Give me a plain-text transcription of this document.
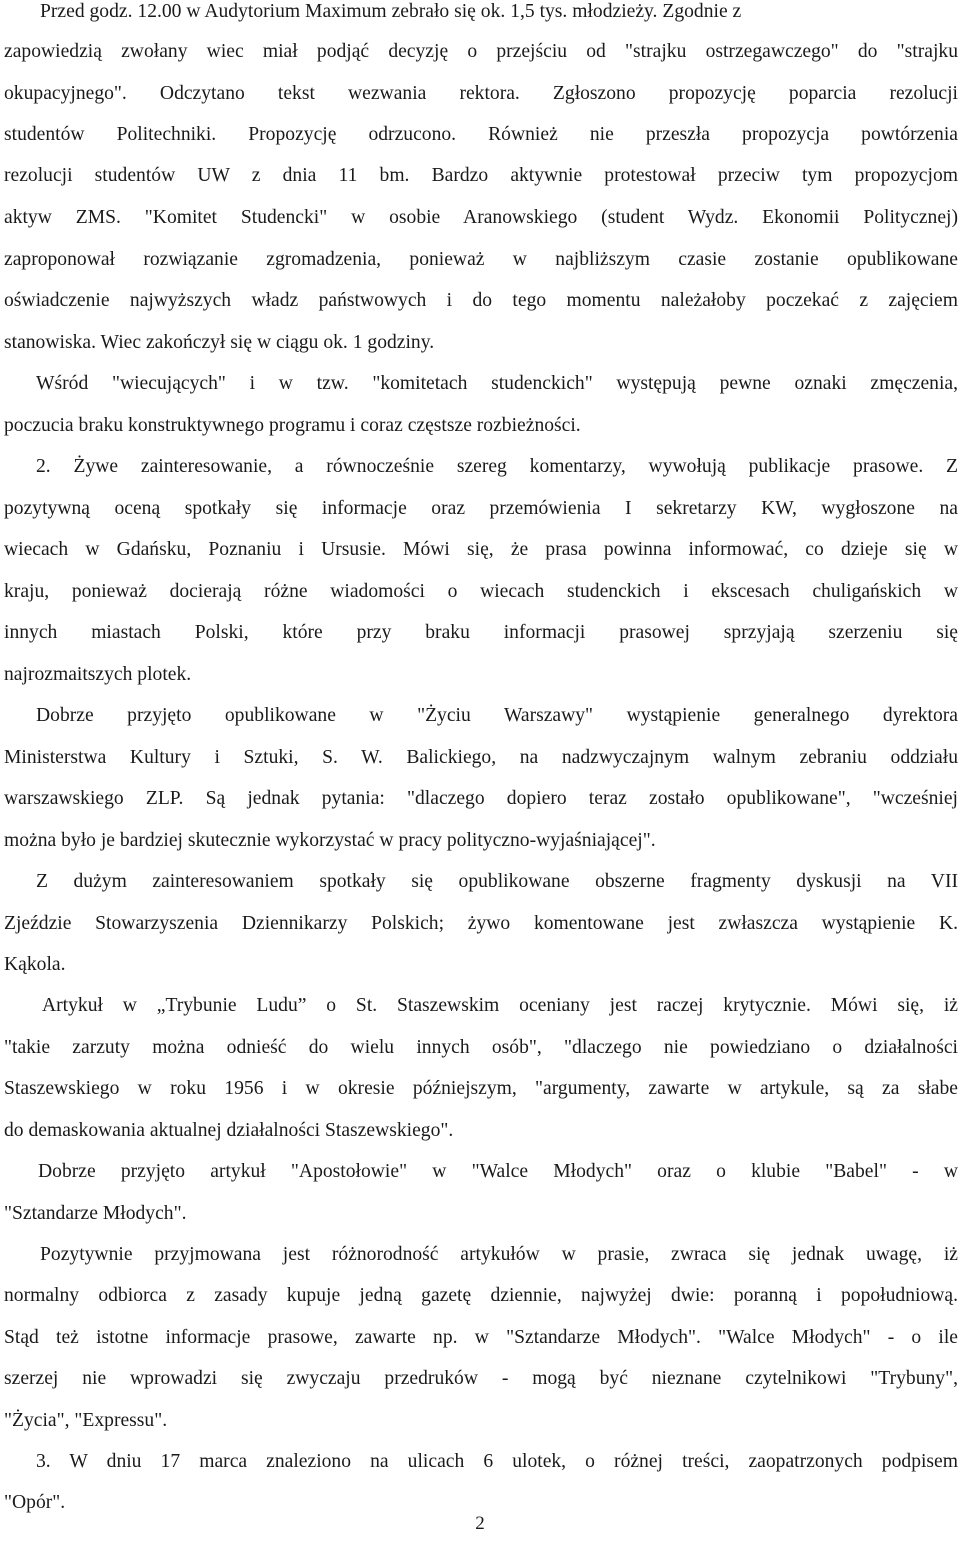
Przed godz. 12.00 w Audytorium Maximum zebrało się ok. 1,5 tys. młodzieży. Zgodnie z
zapowiedzią zwołany wiec miał podjąć decyzję o przejściu od "strajku ostrzegawczego" do "strajku
okupacyjnego". Odczytano tekst wezwania rektora. Zgłoszono propozycję poparcia rezolucji
studentów Politechniki. Propozycję odrzucono. Również nie przeszła propozycja powtórzenia
rezolucji studentów UW z dnia 11 bm. Bardzo aktywnie protestował przeciw tym propozycjom
aktyw ZMS. "Komitet Studencki" w osobie Aranowskiego (student Wydz. Ekonomii Politycznej)
zaproponował rozwiązanie zgromadzenia, ponieważ w najbliższym czasie zostanie opublikowane
oświadczenie najwyższych władz państwowych i do tego momentu należałoby poczekać z zajęciem
stanowiska. Wiec zakończył się w ciągu ok. 1 godziny.
Wśród "wiecujących" i w tzw. "komitetach studenckich" występują pewne oznaki zmęczenia,
poczucia braku konstruktywnego programu i coraz częstsze rozbieżności.
2. Żywe zainteresowanie, a równocześnie szereg komentarzy, wywołują publikacje prasowe. Z
pozytywną oceną spotkały się informacje oraz przemówienia I sekretarzy KW, wygłoszone na
wiecach w Gdańsku, Poznaniu i Ursusie. Mówi się, że prasa powinna informować, co dzieje się w
kraju, ponieważ docierają różne wiadomości o wiecach studenckich i ekscesach chuligańskich w
innych miastach Polski, które przy braku informacji prasowej sprzyjają szerzeniu się
najrozmaitszych plotek.
Dobrze przyjęto opublikowane w "Życiu Warszawy" wystąpienie generalnego dyrektora
Ministerstwa Kultury i Sztuki, S. W. Balickiego, na nadzwyczajnym walnym zebraniu oddziału
warszawskiego ZLP. Są jednak pytania: "dlaczego dopiero teraz zostało opublikowane", "wcześniej
można było je bardziej skutecznie wykorzystać w pracy polityczno-wyjaśniającej".
Z dużym zainteresowaniem spotkały się opublikowane obszerne fragmenty dyskusji na VII
Zjeździe Stowarzyszenia Dziennikarzy Polskich; żywo komentowane jest zwłaszcza wystąpienie K.
Kąkola.
Artykuł w „Trybunie Ludu” o St. Staszewskim oceniany jest raczej krytycznie. Mówi się, iż
"takie zarzuty można odnieść do wielu innych osób", "dlaczego nie powiedziano o działalności
Staszewskiego w roku 1956 i w okresie późniejszym, "argumenty, zawarte w artykule, są za słabe
do demaskowania aktualnej działalności Staszewskiego".
Dobrze przyjęto artykuł "Apostołowie" w "Walce Młodych" oraz o klubie "Babel" - w
"Sztandarze Młodych".
Pozytywnie przyjmowana jest różnorodność artykułów w prasie, zwraca się jednak uwagę, iż
normalny odbiorca z zasady kupuje jedną gazetę dziennie, najwyżej dwie: poranną i popołudniową.
Stąd też istotne informacje prasowe, zawarte np. w "Sztandarze Młodych". "Walce Młodych" - o ile
szerzej nie wprowadzi się zwyczaju przedruków - mogą być nieznane czytelnikowi "Trybuny",
"Życia", "Expressu".
3. W dniu 17 marca znaleziono na ulicach 6 ulotek, o różnej treści, zaopatrzonych podpisem
"Opór".
2
